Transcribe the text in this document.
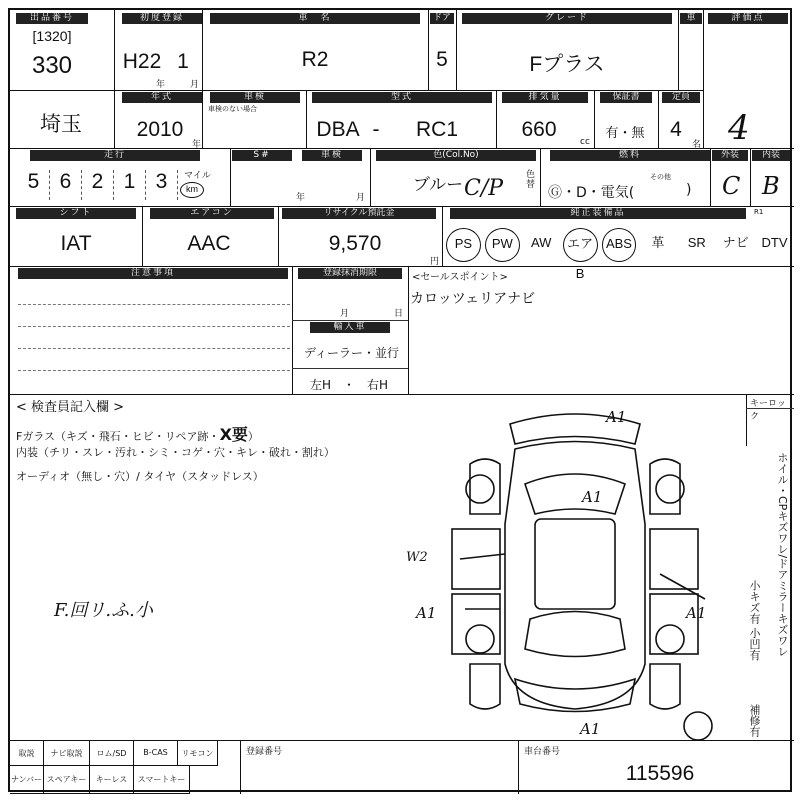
出品番号
[1320]
330
初度登録
H22 1
年	月
車　名
R2
ドア
5
グレード
Fプラス
車	評価点
4
埼玉
年式
2010
年
車検
車検のない場合
型式
DBA -	RC1
排気量
660
cc
保証書
有・無
定員
4
名
走行
5 6 2 1 3	マイル
km
S#	車検
年	月
色(Col.No)
ブルー C/P
色替
燃料
Ⓖ・D・電気(
その他
)
外装
C
内装
B
シフト
IAT
エアコン
AAC
リサイクル預託金
9,570
円
純正装備品	R1
PS	PW	AW	エアB
ABS	革	SR	ナビ DTV
注意事項	登録抹消期限
月	日
輸入車
ディーラー・並行
左H　・　右H
<セールスポイント>
カロッツェリアナビ
< 検査員記入欄 >
Fガラス（キズ・飛石・ヒビ・リペア跡・X要）
内装（チリ・スレ・汚れ・シミ・コゲ・穴・キレ・破れ・割れ）
オーディオ（無し・穴）/ タイヤ（スタッドレス）
F.回リ.ふ.小
キーロック
A1
A1
W2
A1	A1
A1
ホイル・CPキズワレ/ドアミラーキズワレ
小キズ有 小凹有
補修有
取説	ナビ取説	ロム/SD	B-CAS	リモコン
ナンバー スペアキー	キーレス	スマートキー
登録番号	車台番号
115596
